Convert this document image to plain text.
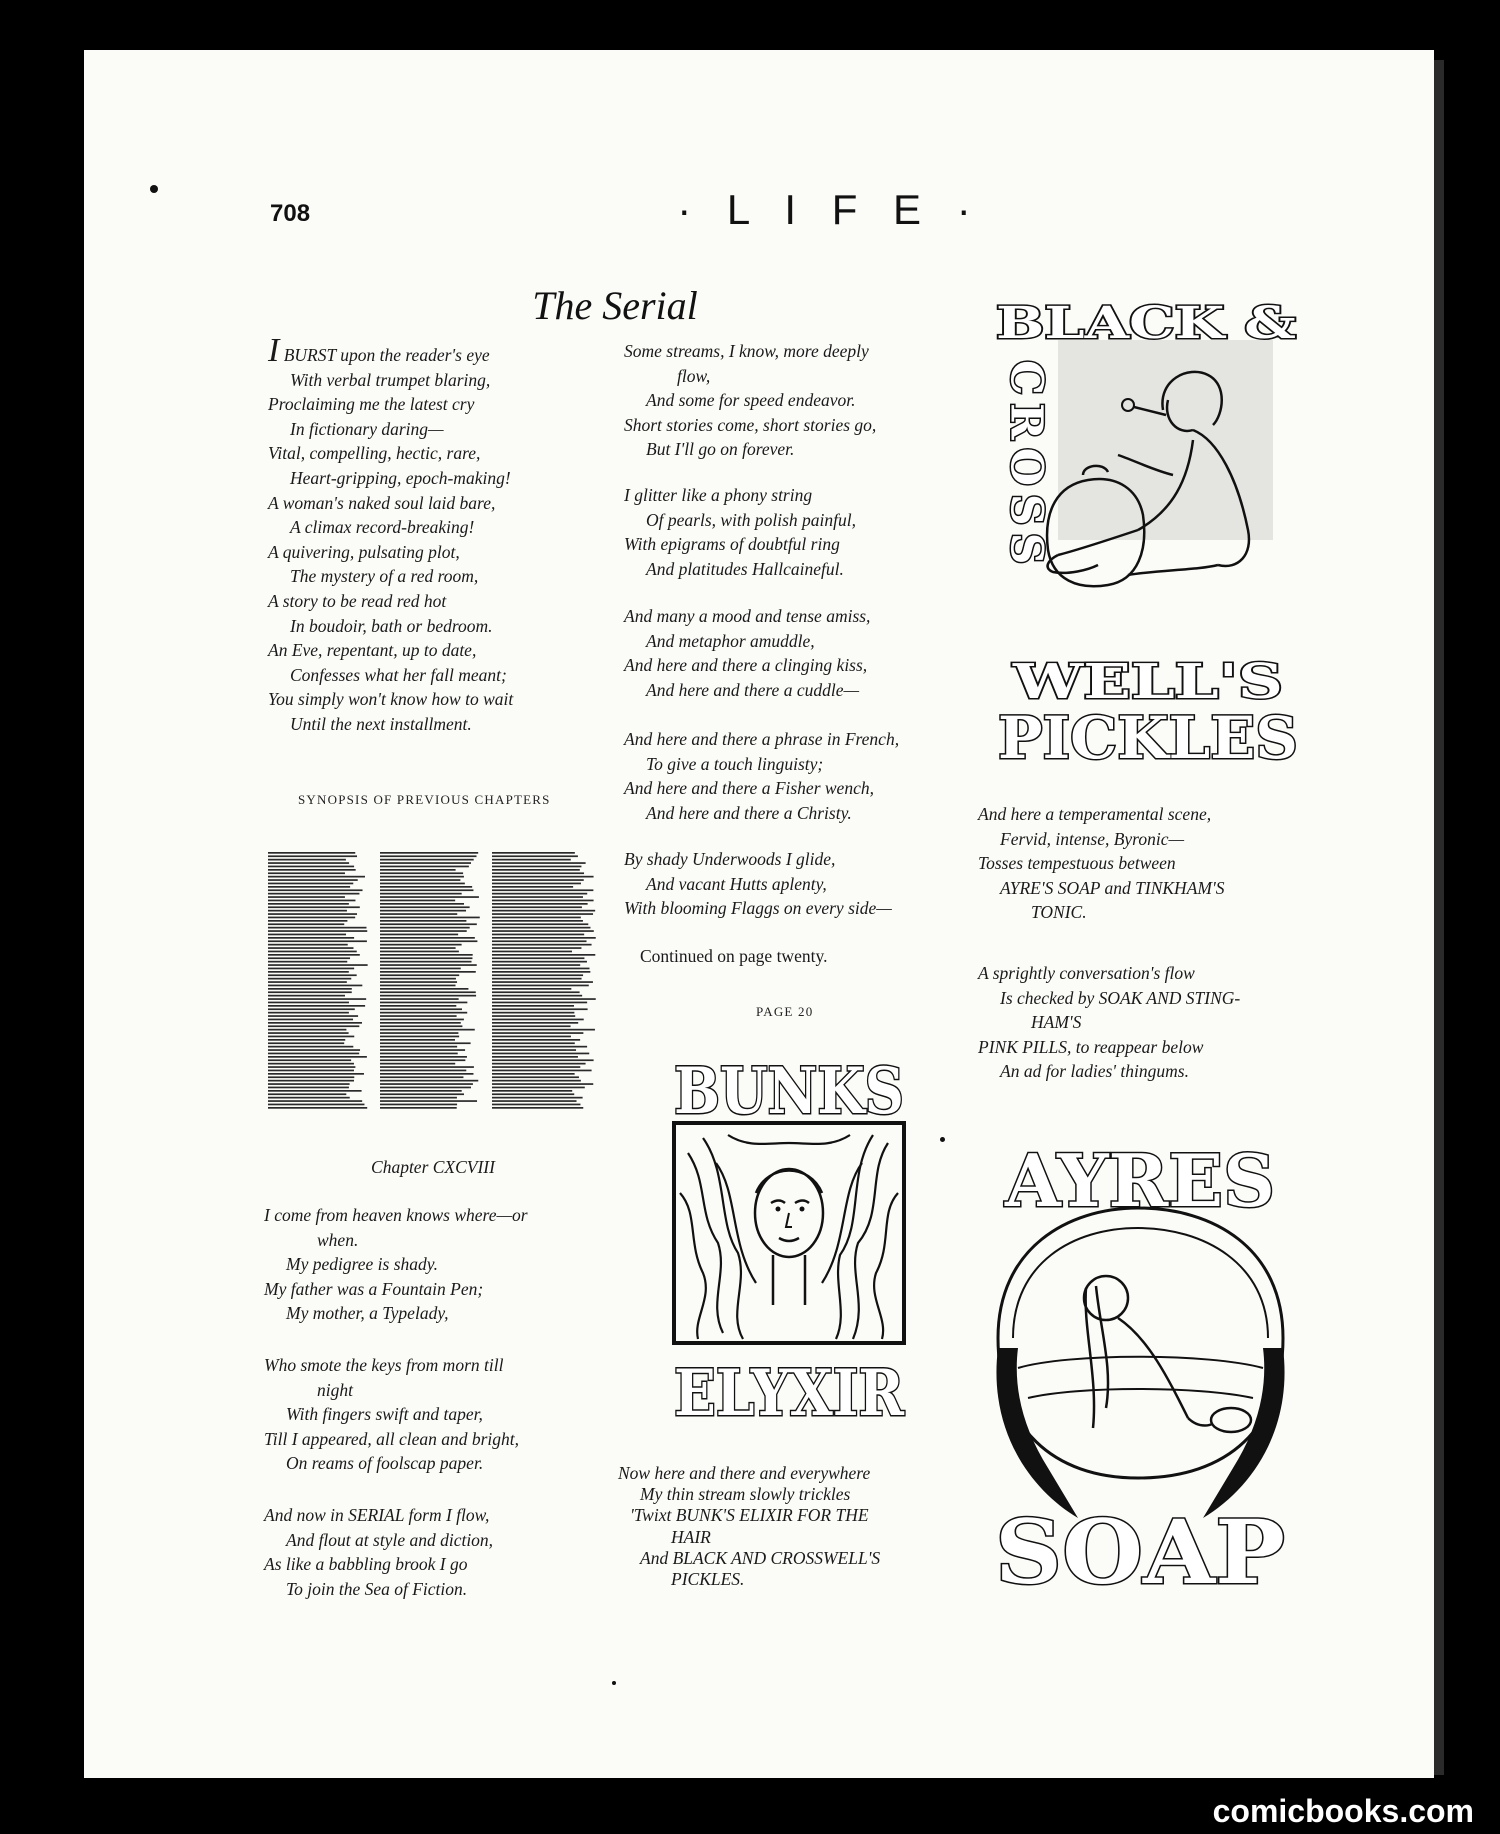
708	· L I F E ·
The Serial
I BURST upon the reader's eye
With verbal trumpet blaring,
Proclaiming me the latest cry
In fictionary daring—
Vital, compelling, hectic, rare,
Heart-gripping, epoch-making!
A woman's naked soul laid bare,
A climax record-breaking!
A quivering, pulsating plot,
The mystery of a red room,
A story to be read red hot
In boudoir, bath or bedroom.
An Eve, repentant, up to date,
Confesses what her fall meant;
You simply won't know how to wait
Until the next installment.
SYNOPSIS OF PREVIOUS CHAPTERS
Chapter CXCVIII
I come from heaven knows where—or
when.
My pedigree is shady.
My father was a Fountain Pen;
My mother, a Typelady,
Who smote the keys from morn till
night
With fingers swift and taper,
Till I appeared, all clean and bright,
On reams of foolscap paper.
And now in SERIAL form I flow,
And flout at style and diction,
As like a babbling brook I go
To join the Sea of Fiction.
Some streams, I know, more deeply
flow,
And some for speed endeavor.
Short stories come, short stories go,
But I'll go on forever.
I glitter like a phony string
Of pearls, with polish painful,
With epigrams of doubtful ring
And platitudes Hallcaineful.
And many a mood and tense amiss,
And metaphor amuddle,
And here and there a clinging kiss,
And here and there a cuddle—
And here and there a phrase in French,
To give a touch linguisty;
And here and there a Fisher wench,
And here and there a Christy.
By shady Underwoods I glide,
And vacant Hutts aplenty,
With blooming Flaggs on every side—
Continued on page twenty.
PAGE 20
BUNKS
ELYXIR
BLACK &
CROSS
WELL'S
PICKLES
And here a temperamental scene,
Fervid, intense, Byronic—
Tosses tempestuous between
AYRE'S SOAP and TINKHAM'S
TONIC.
A sprightly conversation's flow
Is checked by SOAK AND STING-
HAM'S
PINK PILLS, to reappear below
An ad for ladies' thingums.
AYRES
SOAP
Now here and there and everywhere
My thin stream slowly trickles
'Twixt BUNK'S ELIXIR FOR THE
HAIR
And BLACK AND CROSSWELL'S
PICKLES.
comicbooks.com
